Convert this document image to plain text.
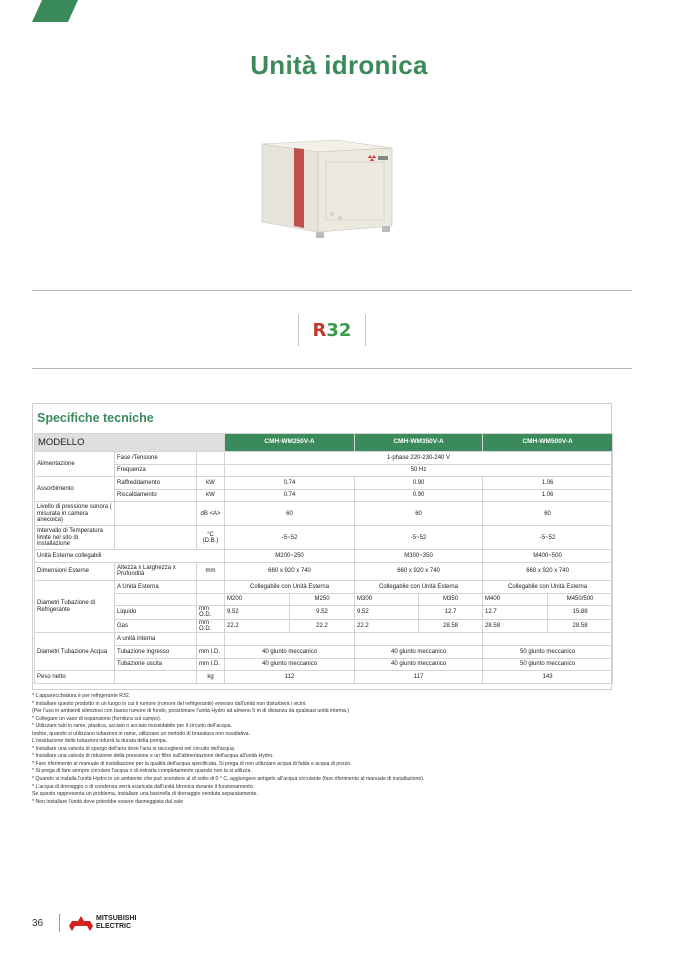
Unità idronica
R 32
Specifiche tecniche
MODELLO			CMH-WM250V-A		CMH-WM350V-A		CMH-WM500V-A	
Alimentazione	Fase /Tensione		1-phase 220-230-240 V					
	Frequenza		50 Hz					
Assorbimento	Raffreddamento	kW	0.74		0.90		1.06	
	Riscaldamento	kW	0.74		0.90		1.06	
Livello di pressione sonora ( misurata in camera anecoica)		dB <A>	60		60		60	
Intervallo di Temperatura limite nel sito di installazione		°C (D.B.)	-5~52		-5~52		-5~52	
Unità Esterne collegabili			M200~250		M300~350		M400~500	
Dimensioni Esterne	Altezza x Larghezza x Profondità	mm	660 x 920 x 740		660 x 920 x 740		660 x 920 x 740	
Diametri Tubazione di Refrigerante	A Unità Esterna		Collegabile con Unità Esterna		Collegabile con Unità Esterna		Collegabile con Unità Esterna	
			M200	M250	M300	M350	M400	M450/500
	Liquido	mm O.D.	9.52	9.52	9.52	12.7	12.7	15.88
	Gas	mm O.D.	22.2	22.2	22.2	28.58	28.58	28.58
Diametri Tubazione Acqua	A unità interna							
	Tubazione ingresso	mm I.D.	40 giunto meccanico		40 giunto meccanico		50 giunto meccanico	
	Tubazione uscita	mm I.D.	40 giunto meccanico		40 giunto meccanico		50 giunto meccanico	
Peso netto		kg	112		117		143	
* L'apparecchiatura è per refrigerante R32.
* Installare questo prodotto in un luogo in cui il rumore (rumore del refrigerante) emesso dall'unità non disturberà i vicini.
(Per l'uso in ambienti silenziosi con basso rumore di fondo, posizionare l'unità Hydro ad almeno 5 m di distanza da qualsiasi unità interna.)
* Collegare un vaso di espansione (fornitura sul campo).
* Utilizzare tubi in rame, plastica, acciaio o acciaio inossidabile per il circuito dell'acqua.
Inoltre, quando si utilizzano tubazioni in rame, utilizzare un metodo di brasatura non ossidativa.
L'ossidazione delle tubazioni ridurrà la durata della pompa.
* Installare una valvola di spurgo dell'aria dove l'aria si raccoglierà nel circuito dell'acqua.
* Installare una valvola di riduzione della pressione e un filtro sull'alimentazione dell'acqua all'unità Hydro.
* Fare riferimento al manuale di installazione per la qualità dell'acqua specificata. Si prega di non utilizzare acqua di falda e acqua di pozzo.
* Si prega di fare sempre circolare l'acqua o di estrarla completamente quando non la si utilizza.
* Quando si installa l'unità Hydro in un ambiente che può scendere al di sotto di 0 ° C, aggiungere antigelo all'acqua circolante (fare riferimento al manuale di installazione).
* L'acqua di drenaggio o di condensa verrà scaricata dall'unità Idronica durante il funzionamento.
Se questo rappresenta un problema, installare una bacinella di drenaggio venduta separatamente.
* Non installare l'unità dove potrebbe essere danneggiata dal sale
36	MITSUBISHI
ELECTRIC
